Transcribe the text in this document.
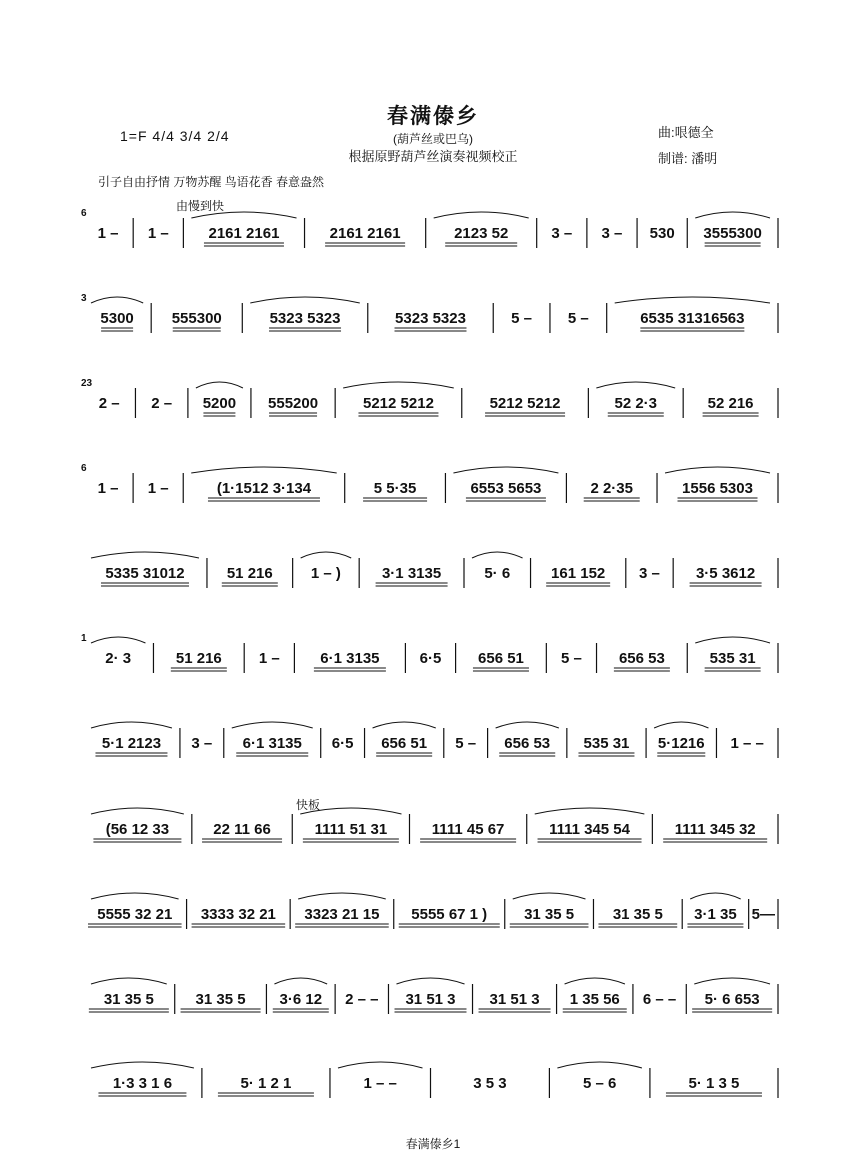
春满傣乡
(葫芦丝或巴乌)
根据原野葫芦丝演奏视频校正
1=F 4/4 3/4 2/4	曲:哏德全
制谱: 潘明
引子自由抒情 万物苏醒 鸟语花香 春意盎然
由慢到快
快板
6
1 – 1 –	2161 2161	2161 2161	2123 52	3 – 3 – 530 3555300
3
5300	555300	5323 5323	5323 5323	5 – 5 –	6535 31316563
23
2 – 2 – 5200 555200	5212 5212	5212 5212	52 2·3	52 216
6
1 – 1 –	(1·1512 3·134	5 5·35	6553 5653	2 2·35	1556 5303
5335 31012	51 216	1 – )	3·1 3135	5· 6	161 152 3 – 3·5 3612
1
2· 3	51 216 1 –	6·1 3135	6·5 656 51 5 – 656 53	535 31
5·1 2123 3 – 6·1 3135 6·5 656 51 5 – 656 53 535 31 5·1216 1 – –
(56 12 33	22 11 66	1111 51 31	1111 45 67	1111 345 54	1111 345 32
5555 32 21 3333 32 21 3323 21 15 5555 67 1 ) 31 35 5	31 35 5 3·1 35 5—
31 35 5	31 35 5 3·6 12 2 – – 31 51 3 31 51 3 1 35 56 6 – – 5· 6 653
1·3 3 1 6	5· 1 2 1	1 – –	3 5 3	5 – 6	5· 1 3 5
春满傣乡1
